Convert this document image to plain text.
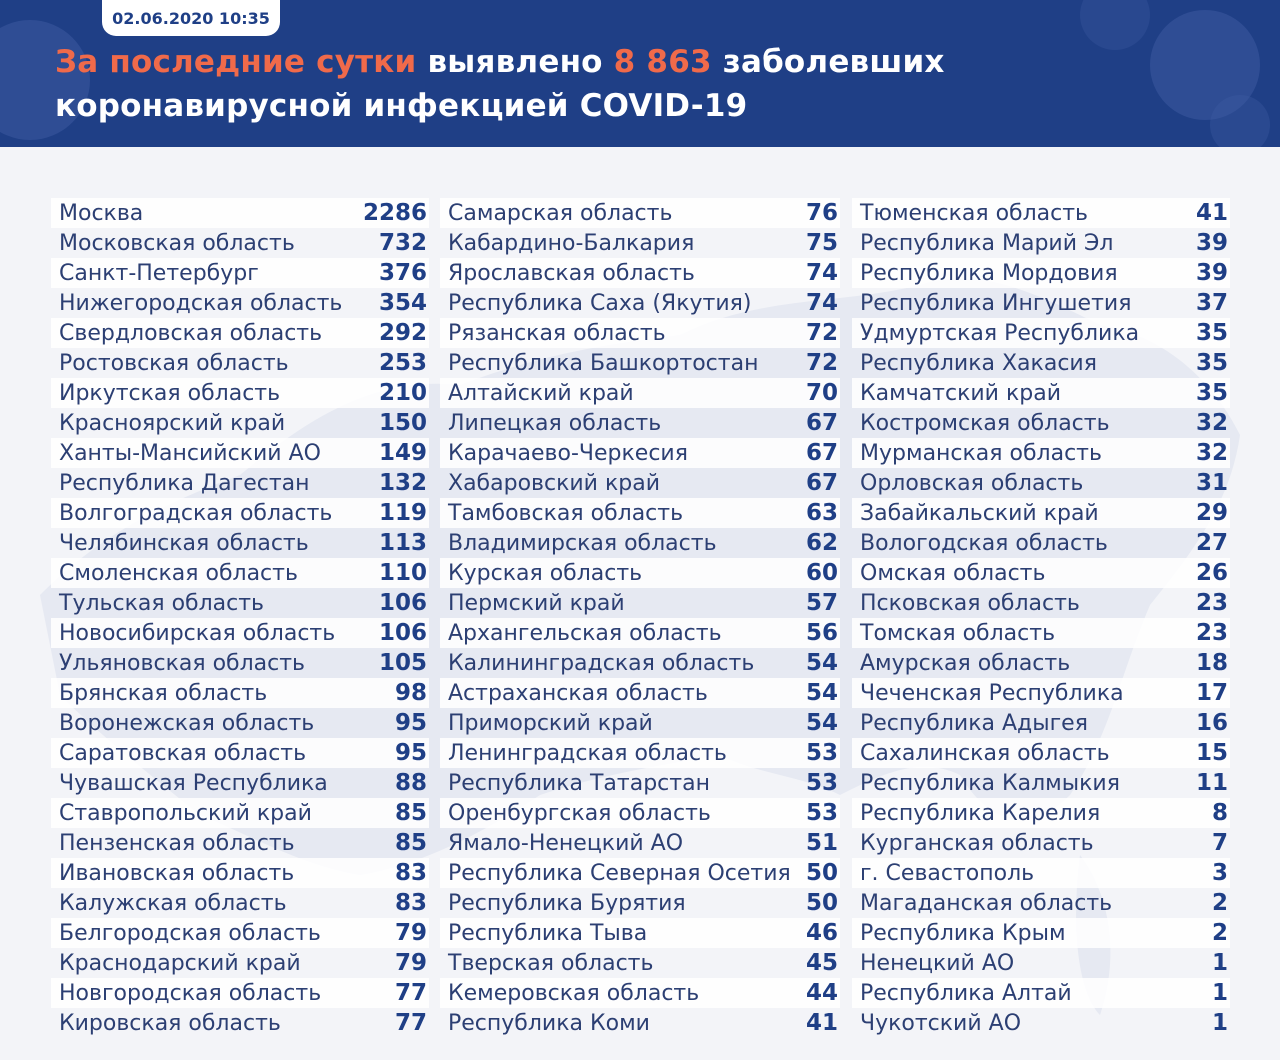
02.06.2020 10:35
За последние сутки выявлено 8 863 заболевших
коронавирусной инфекцией COVID-19
Москва	2286
Московская область	732
Санкт-Петербург	376
Нижегородская область 354
Свердловская область 292
Ростовская область	253
Иркутская область	210
Красноярский край	150
Ханты-Мансийский АО	149
Республика Дагестан	132
Волгоградская область 119
Челябинская область	113
Смоленская область	110
Тульская область	106
Новосибирская область 106
Ульяновская область	105
Брянская область	98
Воронежская область	95
Саратовская область	95
Чувашская Республика	88
Ставропольский край	85
Пензенская область	85
Ивановская область	83
Калужская область	83
Белгородская область	79
Краснодарский край	79
Новгородская область	77
Кировская область	77
Самарская область	76
Кабардино-Балкария	75
Ярославская область	74
Республика Саха (Якутия) 74
Рязанская область	72
Республика Башкортостан 72
Алтайский край	70
Липецкая область	67
Карачаево-Черкесия	67
Хабаровский край	67
Тамбовская область	63
Владимирская область	62
Курская область	60
Пермский край	57
Архангельская область	56
Калининградская область 54
Астраханская область	54
Приморский край	54
Ленинградская область	53
Республика Татарстан	53
Оренбургская область	53
Ямало-Ненецкий АО	51
Республика Северная Осетия 50
Республика Бурятия	50
Республика Тыва	46
Тверская область	45
Кемеровская область	44
Республика Коми	41
Тюменская область	41
Республика Марий Эл	39
Республика Мордовия	39
Республика Ингушетия	37
Удмуртская Республика 35
Республика Хакасия	35
Камчатский край	35
Костромская область	32
Мурманская область	32
Орловская область	31
Забайкальский край	29
Вологодская область	27
Омская область	26
Псковская область	23
Томская область	23
Амурская область	18
Чеченская Республика	17
Республика Адыгея	16
Сахалинская область	15
Республика Калмыкия	11
Республика Карелия	8
Курганская область	7
г. Севастополь	3
Магаданская область	2
Республика Крым	2
Ненецкий АО	1
Республика Алтай	1
Чукотский АО	1
